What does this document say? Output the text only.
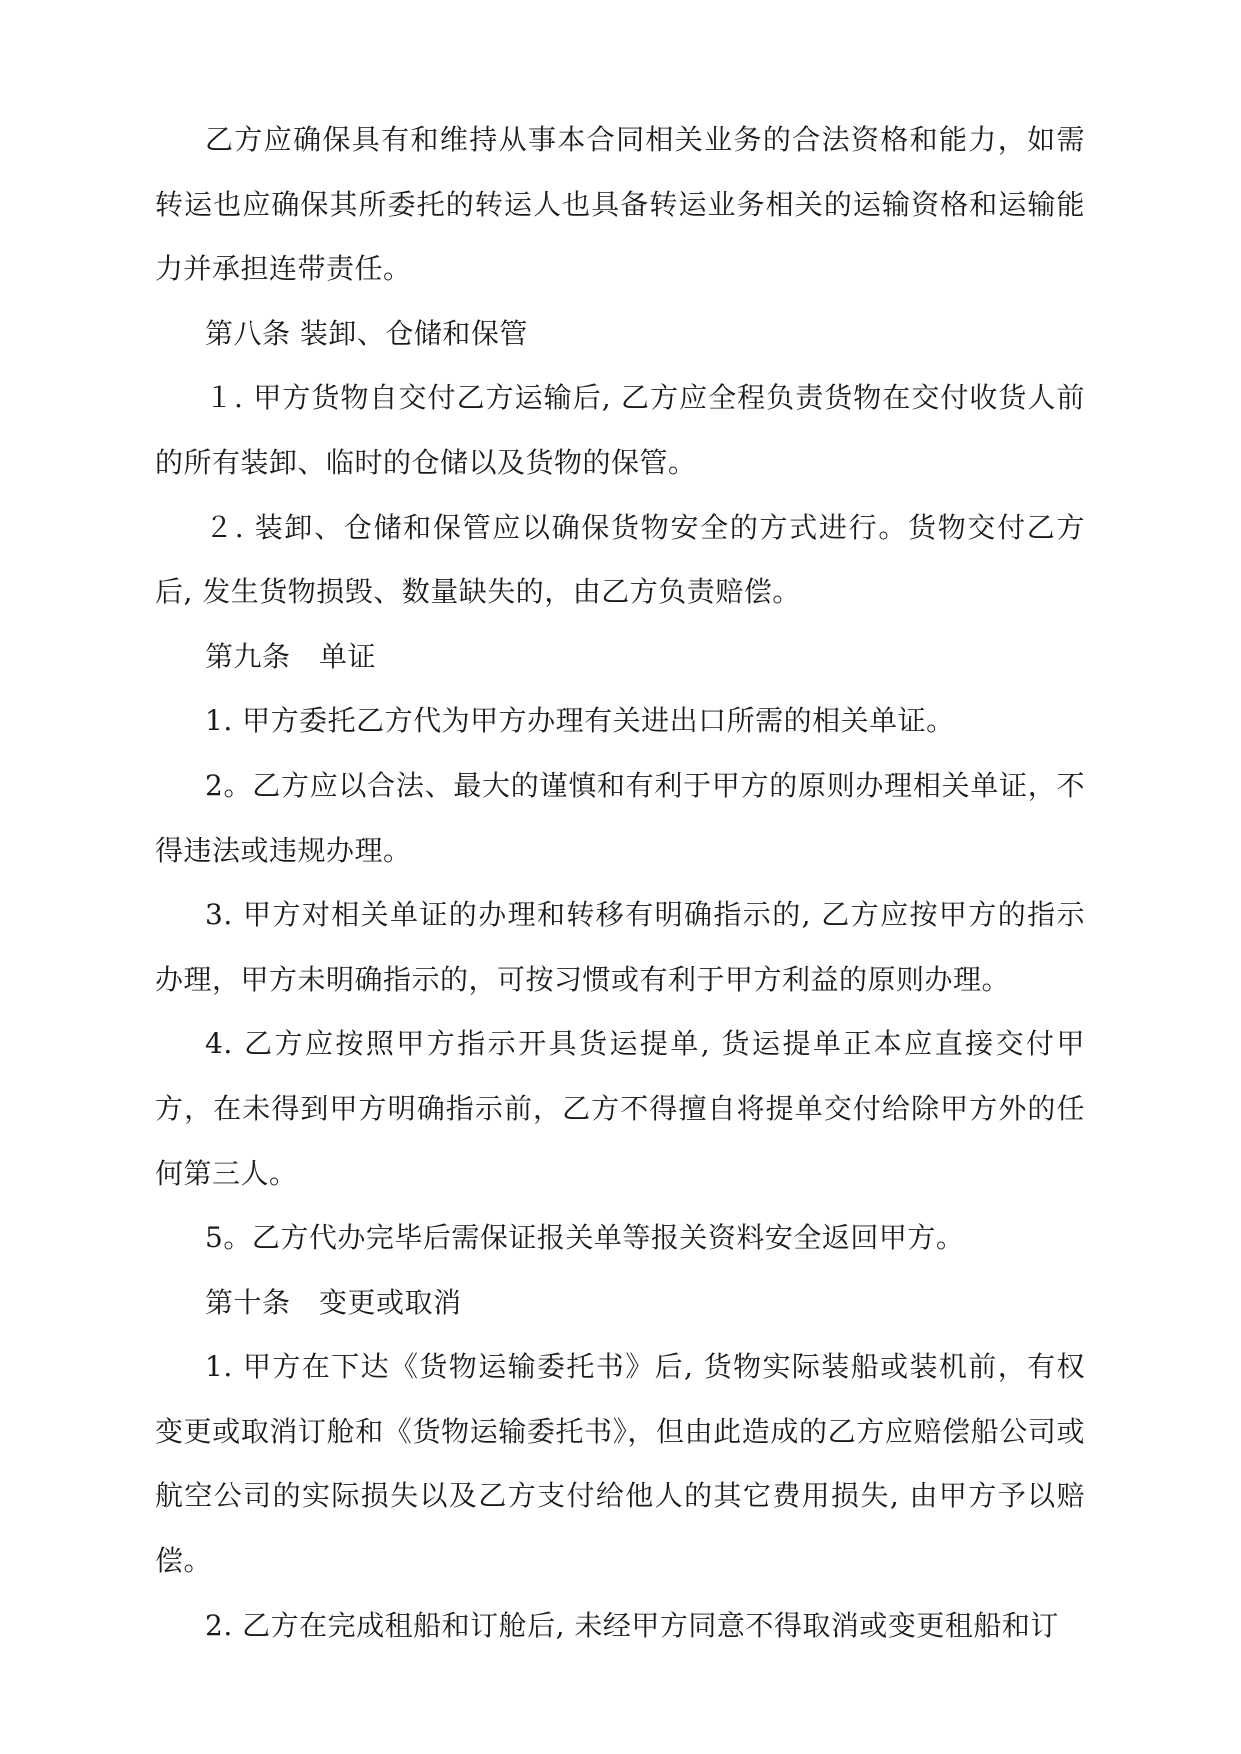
乙方应确保具有和维持从事本合同相关业务的合法资格和能力，如需转运也应确保其所委托的转运人也具备转运业务相关的运输资格和运输能力并承担连带责任。

第八条 装卸、仓储和保管

１. 甲方货物自交付乙方运输后, 乙方应全程负责货物在交付收货人前的所有装卸、临时的仓储以及货物的保管。

２. 装卸、仓储和保管应以确保货物安全的方式进行。货物交付乙方后, 发生货物损毁、数量缺失的，由乙方负责赔偿。

第九条　单证

1. 甲方委托乙方代为甲方办理有关进出口所需的相关单证。

2。乙方应以合法、最大的谨慎和有利于甲方的原则办理相关单证，不得违法或违规办理。

3. 甲方对相关单证的办理和转移有明确指示的, 乙方应按甲方的指示办理，甲方未明确指示的，可按习惯或有利于甲方利益的原则办理。

4. 乙方应按照甲方指示开具货运提单, 货运提单正本应直接交付甲方，在未得到甲方明确指示前，乙方不得擅自将提单交付给除甲方外的任何第三人。

5。乙方代办完毕后需保证报关单等报关资料安全返回甲方。

第十条　变更或取消

1. 甲方在下达《货物运输委托书》后, 货物实际装船或装机前，有权变更或取消订舱和《货物运输委托书》，但由此造成的乙方应赔偿船公司或航空公司的实际损失以及乙方支付给他人的其它费用损失, 由甲方予以赔偿。

2. 乙方在完成租船和订舱后, 未经甲方同意不得取消或变更租船和订
